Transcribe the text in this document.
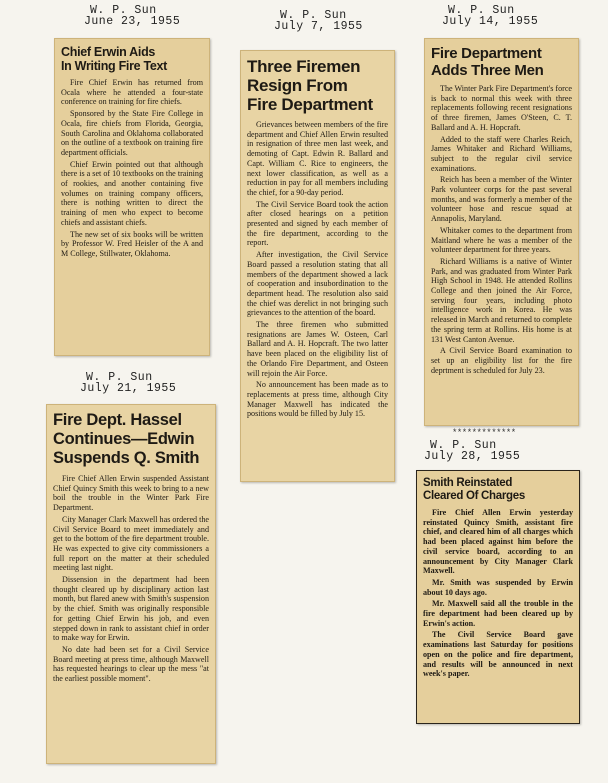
W. P. Sun
June 23, 1955
Chief Erwin Aids
In Writing Fire Text

Fire Chief Erwin has returned from Ocala where he attended a four-state conference on training for fire chiefs.

Sponsored by the State Fire College in Ocala, fire chiefs from Florida, Georgia, South Carolina and Oklahoma collaborated on the outline of a textbook on training fire department officials.

Chief Erwin pointed out that although there is a set of 10 textbooks on the training of rookies, and another containing five volumes on training company officers, there is nothing written to direct the training of men who expect to become chiefs and assistant chiefs.

The new set of six books will be written by Professor W. Fred Heisler of the A and M College, Stillwater, Oklahoma.

W. P. Sun
July 7, 1955
Three Firemen
Resign From
Fire Department

Grievances between members of the fire department and Chief Allen Erwin resulted in resignation of three men last week, and demoting of Capt. Edwin R. Ballard and Capt. William C. Rice to engineers, the next lower classification, as well as a reduction in pay for all members including the chief, for a 90-day period.

The Civil Service Board took the action after closed hearings on a petition presented and signed by each member of the fire department, according to the report.

After investigation, the Civil Service Board passed a resolution stating that all members of the department showed a lack of cooperation and insubordination to the department head. The resolution also said the chief was derelict in not bringing such grievances to the attention of the board.

The three firemen who submitted resignations are James W. Osteen, Carl Ballard and A. H. Hopcraft. The two latter have been placed on the eligibility list of the Orlando Fire Department, and Osteen will rejoin the Air Force.

No announcement has been made as to replacements at press time, although City Manager Maxwell has indicated the positions would be filled by July 15.

W. P. Sun
July 14, 1955
Fire Department
Adds Three Men

The Winter Park Fire Department's force is back to normal this week with three replacements following recent resignations of three firemen, James O'Steen, C. T. Ballard and A. H. Hopcraft.

Added to the staff were Charles Reich, James Whitaker and Richard Williams, subject to the regular civil service examinations.

Reich has been a member of the Winter Park volunteer corps for the past several months, and was formerly a member of the volunteer hose and rescue squad at Annapolis, Maryland.

Whitaker comes to the department from Maitland where he was a member of the volunteer department for three years.

Richard Williams is a native of Winter Park, and was graduated from Winter Park High School in 1948. He attended Rollins College and then joined the Air Force, serving four years, including photo intelligence work in Korea. He was released in March and returned to complete the spring term at Rollins. His home is at 131 West Canton Avenue.

A Civil Service Board examination to set up an eligibility list for the fire deprtment is scheduled for July 23.

*************
W. P. Sun
July 21, 1955
Fire Dept. Hassel
Continues—Edwin
Suspends Q. Smith

Fire Chief Allen Erwin suspended Assistant Chief Quincy Smith this week to bring to a new boil the trouble in the Winter Park Fire Department.

City Manager Clark Maxwell has ordered the Civil Service Board to meet immediately and get to the bottom of the fire department trouble. He was expected to give city commissioners a full report on the matter at their scheduled meeting last night.

Dissension in the department had been thought cleared up by disciplinary action last month, but flared anew with Smith's suspension by the chief. Smith was originally responsible for getting Chief Erwin his job, and even stepped down in rank to assistant chief in order to make way for Erwin.

No date had been set for a Civil Service Board meeting at press time, although Maxwell has requested hearings to clear up the mess "at the earliest possible moment".

W. P. Sun
July 28, 1955
Smith Reinstated
Cleared Of Charges

Fire Chief Allen Erwin yesterday reinstated Quincy Smith, assistant fire chief, and cleared him of all charges which had been placed against him before the civil service board, according to an announcement by City Manager Clark Maxwell.

Mr. Smith was suspended by Erwin about 10 days ago.

Mr. Maxwell said all the trouble in the fire department had been cleared up by Erwin's action.

The Civil Service Board gave examinations last Saturday for positions open on the police and fire department, and results will be announced in next week's paper.
